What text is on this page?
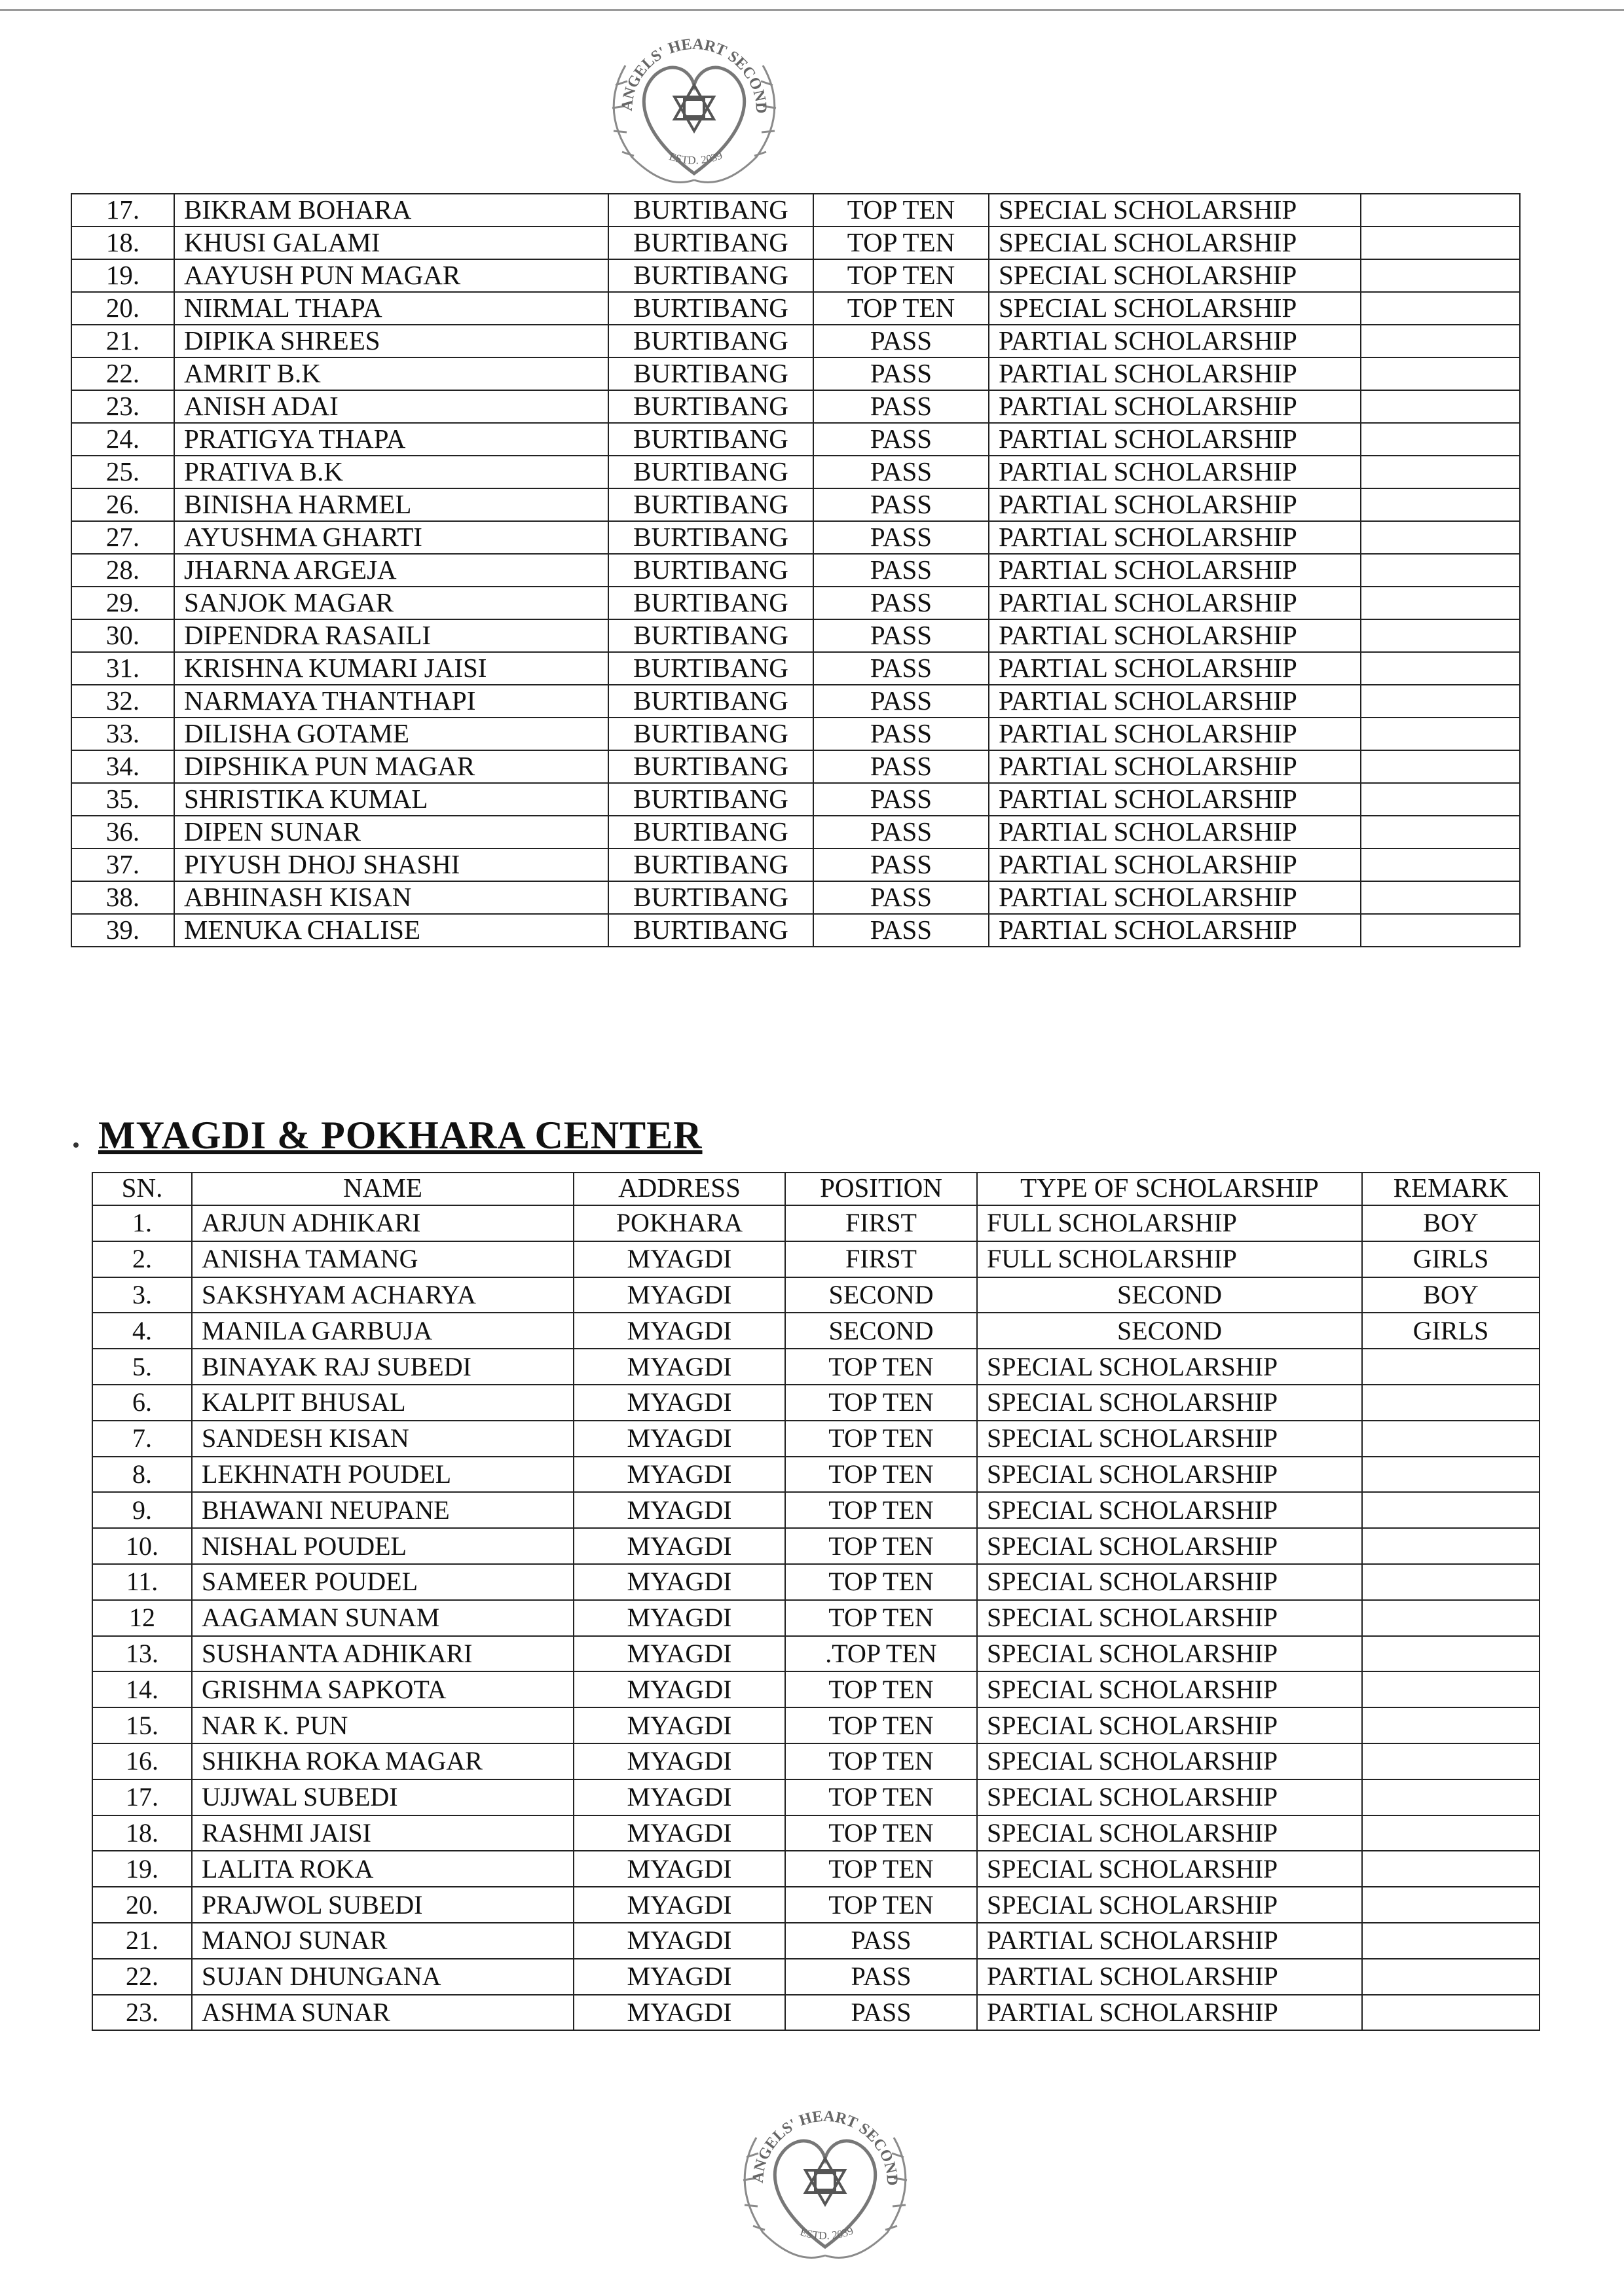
ANGELS' HEART SECOND
ESTD. 2039
17.	BIKRAM BOHARA	BURTIBANG	TOP TEN	SPECIAL SCHOLARSHIP	
18.	KHUSI GALAMI	BURTIBANG	TOP TEN	SPECIAL SCHOLARSHIP	
19.	AAYUSH PUN MAGAR	BURTIBANG	TOP TEN	SPECIAL SCHOLARSHIP	
20.	NIRMAL THAPA	BURTIBANG	TOP TEN	SPECIAL SCHOLARSHIP	
21.	DIPIKA SHREES	BURTIBANG	PASS	PARTIAL SCHOLARSHIP	
22.	AMRIT B.K	BURTIBANG	PASS	PARTIAL SCHOLARSHIP	
23.	ANISH ADAI	BURTIBANG	PASS	PARTIAL SCHOLARSHIP	
24.	PRATIGYA THAPA	BURTIBANG	PASS	PARTIAL SCHOLARSHIP	
25.	PRATIVA B.K	BURTIBANG	PASS	PARTIAL SCHOLARSHIP	
26.	BINISHA HARMEL	BURTIBANG	PASS	PARTIAL SCHOLARSHIP	
27.	AYUSHMA GHARTI	BURTIBANG	PASS	PARTIAL SCHOLARSHIP	
28.	JHARNA ARGEJA	BURTIBANG	PASS	PARTIAL SCHOLARSHIP	
29.	SANJOK MAGAR	BURTIBANG	PASS	PARTIAL SCHOLARSHIP	
30.	DIPENDRA RASAILI	BURTIBANG	PASS	PARTIAL SCHOLARSHIP	
31.	KRISHNA KUMARI JAISI	BURTIBANG	PASS	PARTIAL SCHOLARSHIP	
32.	NARMAYA THANTHAPI	BURTIBANG	PASS	PARTIAL SCHOLARSHIP	
33.	DILISHA GOTAME	BURTIBANG	PASS	PARTIAL SCHOLARSHIP	
34.	DIPSHIKA PUN MAGAR	BURTIBANG	PASS	PARTIAL SCHOLARSHIP	
35.	SHRISTIKA KUMAL	BURTIBANG	PASS	PARTIAL SCHOLARSHIP	
36.	DIPEN SUNAR	BURTIBANG	PASS	PARTIAL SCHOLARSHIP	
37.	PIYUSH DHOJ SHASHI	BURTIBANG	PASS	PARTIAL SCHOLARSHIP	
38.	ABHINASH KISAN	BURTIBANG	PASS	PARTIAL SCHOLARSHIP	
39.	MENUKA CHALISE	BURTIBANG	PASS	PARTIAL SCHOLARSHIP	
MYAGDI & POKHARA CENTER
SN.	NAME	ADDRESS	POSITION	TYPE OF SCHOLARSHIP	REMARK
1.	ARJUN ADHIKARI	POKHARA	FIRST	FULL SCHOLARSHIP	BOY
2.	ANISHA TAMANG	MYAGDI	FIRST	FULL SCHOLARSHIP	GIRLS
3.	SAKSHYAM ACHARYA	MYAGDI	SECOND	SECOND	BOY
4.	MANILA GARBUJA	MYAGDI	SECOND	SECOND	GIRLS
5.	BINAYAK RAJ SUBEDI	MYAGDI	TOP TEN	SPECIAL SCHOLARSHIP	
6.	KALPIT BHUSAL	MYAGDI	TOP TEN	SPECIAL SCHOLARSHIP	
7.	SANDESH KISAN	MYAGDI	TOP TEN	SPECIAL SCHOLARSHIP	
8.	LEKHNATH POUDEL	MYAGDI	TOP TEN	SPECIAL SCHOLARSHIP	
9.	BHAWANI NEUPANE	MYAGDI	TOP TEN	SPECIAL SCHOLARSHIP	
10.	NISHAL POUDEL	MYAGDI	TOP TEN	SPECIAL SCHOLARSHIP	
11.	SAMEER POUDEL	MYAGDI	TOP TEN	SPECIAL SCHOLARSHIP	
12	AAGAMAN SUNAM	MYAGDI	TOP TEN	SPECIAL SCHOLARSHIP	
13.	SUSHANTA ADHIKARI	MYAGDI	.TOP TEN	SPECIAL SCHOLARSHIP	
14.	GRISHMA SAPKOTA	MYAGDI	TOP TEN	SPECIAL SCHOLARSHIP	
15.	NAR K. PUN	MYAGDI	TOP TEN	SPECIAL SCHOLARSHIP	
16.	SHIKHA ROKA MAGAR	MYAGDI	TOP TEN	SPECIAL SCHOLARSHIP	
17.	UJJWAL SUBEDI	MYAGDI	TOP TEN	SPECIAL SCHOLARSHIP	
18.	RASHMI JAISI	MYAGDI	TOP TEN	SPECIAL SCHOLARSHIP	
19.	LALITA ROKA	MYAGDI	TOP TEN	SPECIAL SCHOLARSHIP	
20.	PRAJWOL SUBEDI	MYAGDI	TOP TEN	SPECIAL SCHOLARSHIP	
21.	MANOJ SUNAR	MYAGDI	PASS	PARTIAL SCHOLARSHIP	
22.	SUJAN DHUNGANA	MYAGDI	PASS	PARTIAL SCHOLARSHIP	
23.	ASHMA SUNAR	MYAGDI	PASS	PARTIAL SCHOLARSHIP	
ANGELS' HEART SECOND
ESTD. 2039
